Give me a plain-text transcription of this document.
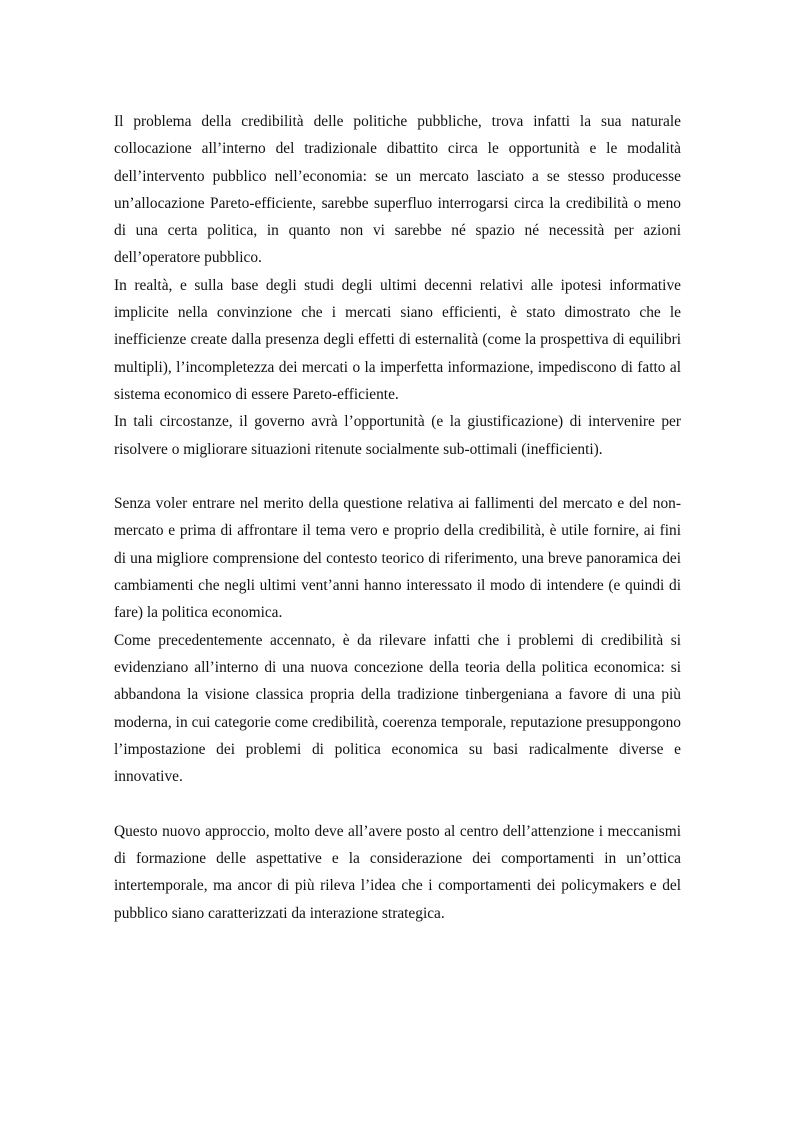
Il problema della credibilità delle politiche pubbliche, trova infatti la sua naturale collocazione all’interno del tradizionale dibattito circa le opportunità e le modalità dell’intervento pubblico nell’economia: se un mercato lasciato a se stesso producesse un’allocazione Pareto-efficiente, sarebbe superfluo interrogarsi circa la credibilità o meno di una certa politica, in quanto non vi sarebbe né spazio né necessità per azioni dell’operatore pubblico.

In realtà, e sulla base degli studi degli ultimi decenni relativi alle ipotesi informative implicite nella convinzione che i mercati siano efficienti, è stato dimostrato che le inefficienze create dalla presenza degli effetti di esternalità (come la prospettiva di equilibri multipli), l’incompletezza dei mercati o la imperfetta informazione, impediscono di fatto al sistema economico di essere Pareto-efficiente.

In tali circostanze, il governo avrà l’opportunità (e la giustificazione) di intervenire per risolvere o migliorare situazioni ritenute socialmente sub-ottimali (inefficienti).

Senza voler entrare nel merito della questione relativa ai fallimenti del mercato e del non-mercato e prima di affrontare il tema vero e proprio della credibilità, è utile fornire, ai fini di una migliore comprensione del contesto teorico di riferimento, una breve panoramica dei cambiamenti che negli ultimi vent’anni hanno interessato il modo di intendere (e quindi di fare) la politica economica.

Come precedentemente accennato, è da rilevare infatti che i problemi di credibilità si evidenziano all’interno di una nuova concezione della teoria della politica economica: si abbandona la visione classica propria della tradizione tinbergeniana a favore di una più moderna, in cui categorie come credibilità, coerenza temporale, reputazione presuppongono l’impostazione dei problemi di politica economica su basi radicalmente diverse e innovative.

Questo nuovo approccio, molto deve all’avere posto al centro dell’attenzione i meccanismi di formazione delle aspettative e la considerazione dei comportamenti in un’ottica intertemporale, ma ancor di più rileva l’idea che i comportamenti dei policymakers e del pubblico siano caratterizzati da interazione strategica.
